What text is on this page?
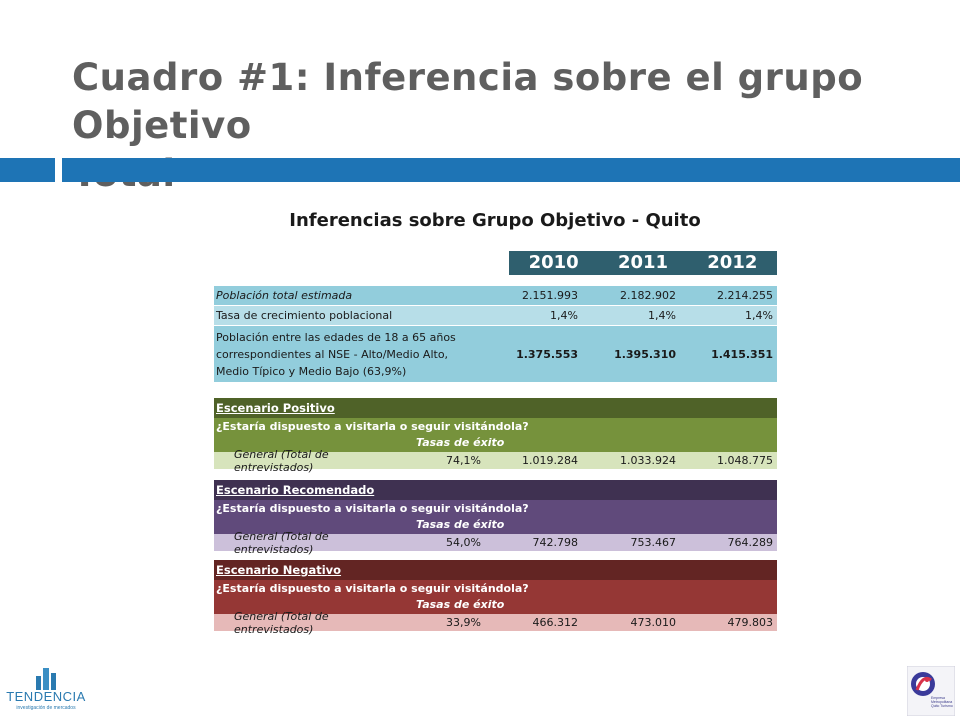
Cuadro #1: Inferencia sobre el grupo Objetivo
Inferencias sobre Grupo Objetivo - Quito
2010	2011	2012
Población total estimada	2.151.993	2.182.902	2.214.255
Tasa de crecimiento poblacional	1,4%	1,4%	1,4%
Población entre las edades de 18 a 65 años
correspondientes al NSE - Alto/Medio Alto,
Medio Típico y Medio Bajo (63,9%)
1.375.553	1.395.310	1.415.351
Escenario Positivo
¿Estaría dispuesto a visitarla o seguir visitándola?
Tasas de éxito
General (Total de entrevistados)	74,1%	1.019.284	1.033.924	1.048.775
Escenario Recomendado
¿Estaría dispuesto a visitarla o seguir visitándola?
Tasas de éxito
General (Total de entrevistados)	54,0%	742.798	753.467	764.289
Escenario Negativo
¿Estaría dispuesto a visitarla o seguir visitándola?
Tasas de éxito
General (Total de entrevistados)	33,9%	466.312	473.010	479.803
TENDENCIA
investigación de mercados
Empresa Metropolitana Quito Turismo
